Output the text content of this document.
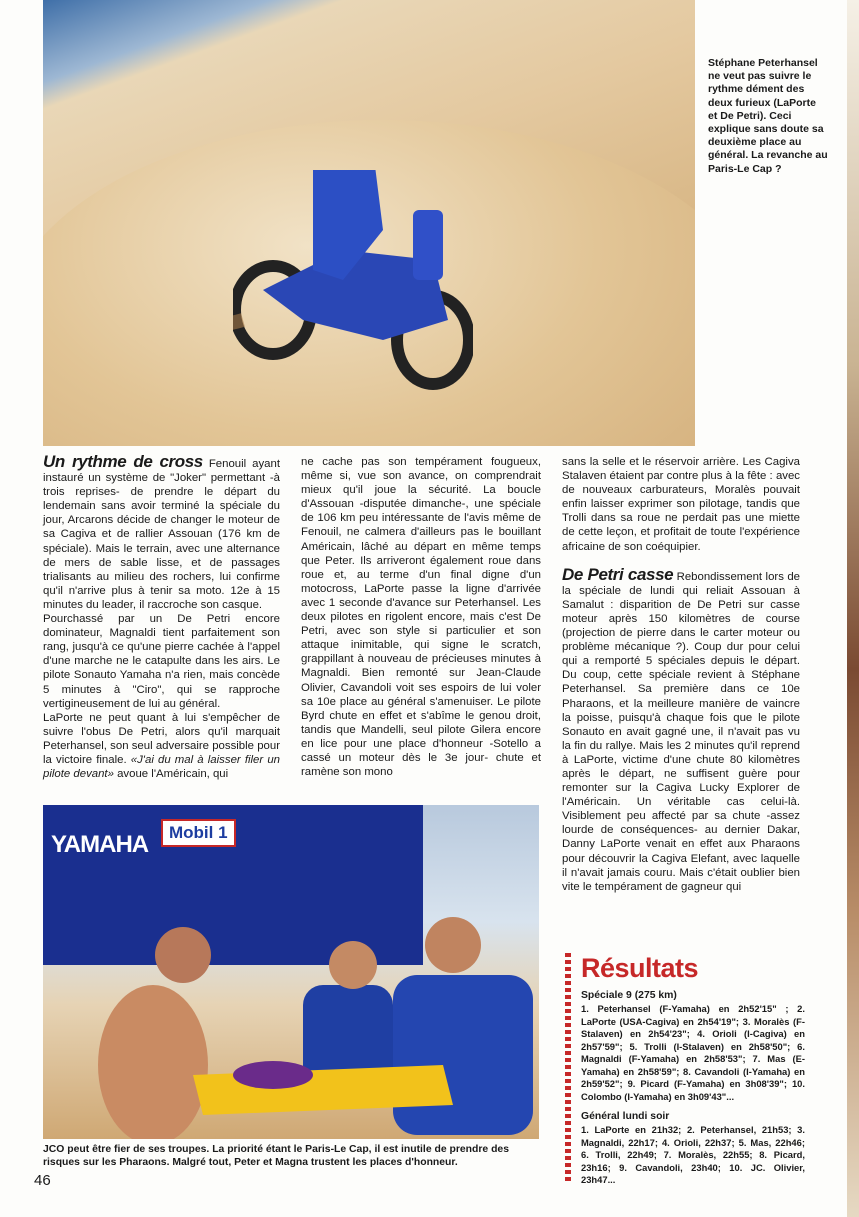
Stéphane Peterhansel ne veut pas suivre le rythme dément des deux furieux (LaPorte et De Petri). Ceci explique sans doute sa deuxième place au général. La revanche au Paris-Le Cap ?

Un rythme de cross Fenouil ayant instauré un système de "Joker" permettant -à trois reprises- de prendre le départ du lendemain sans avoir terminé la spéciale du jour, Arcarons décide de changer le moteur de sa Cagiva et de rallier Assouan (176 km de spéciale). Mais le terrain, avec une alternance de mers de sable lisse, et de passages trialisants au milieu des rochers, lui confirme qu'il n'arrive plus à tenir sa moto. 12e à 15 minutes du leader, il raccroche son casque.

Pourchassé par un De Petri encore dominateur, Magnaldi tient parfaitement son rang, jusqu'à ce qu'une pierre cachée à l'appel d'une marche ne le catapulte dans les airs. Le pilote Sonauto Yamaha n'a rien, mais concède 5 minutes à "Ciro", qui se rapproche vertigineusement de lui au général.

LaPorte ne peut quant à lui s'empêcher de suivre l'obus De Petri, alors qu'il marquait Peterhansel, son seul adversaire possible pour la victoire finale. «J'ai du mal à laisser filer un pilote devant» avoue l'Américain, qui

ne cache pas son tempérament fougueux, même si, vue son avance, on comprendrait mieux qu'il joue la sécurité. La boucle d'Assouan -disputée dimanche-, une spéciale de 106 km peu intéressante de l'avis même de Fenouil, ne calmera d'ailleurs pas le bouillant Américain, lâché au départ en même temps que Peter. Ils arriveront également roue dans roue et, au terme d'un final digne d'un motocross, LaPorte passe la ligne d'arrivée avec 1 seconde d'avance sur Peterhansel. Les deux pilotes en rigolent encore, mais c'est De Petri, avec son style si particulier et son attaque inimitable, qui signe le scratch, grappillant à nouveau de précieuses minutes à Magnaldi. Bien remonté sur Jean-Claude Olivier, Cavandoli voit ses espoirs de lui voler sa 10e place au général s'amenuiser. Le pilote Byrd chute en effet et s'abîme le genou droit, tandis que Mandelli, seul pilote Gilera encore en lice pour une place d'honneur -Sotello a cassé un moteur dès le 3e jour- chute et ramène son mono

sans la selle et le réservoir arrière. Les Cagiva Stalaven étaient par contre plus à la fête : avec de nouveaux carburateurs, Moralès pouvait enfin laisser exprimer son pilotage, tandis que Trolli dans sa roue ne perdait pas une miette de cette leçon, et profitait de toute l'expérience africaine de son coéquipier.

De Petri casse Rebondissement lors de la spéciale de lundi qui reliait Assouan à Samalut : disparition de De Petri sur casse moteur après 150 kilomètres de course (projection de pierre dans le carter moteur ou problème mécanique ?). Coup dur pour celui qui a remporté 5 spéciales depuis le départ. Du coup, cette spéciale revient à Stéphane Peterhansel. Sa première dans ce 10e Pharaons, et la meilleure manière de vaincre la poisse, puisqu'à chaque fois que le pilote Sonauto en avait gagné une, il n'avait pas vu la fin du rallye. Mais les 2 minutes qu'il reprend à LaPorte, victime d'une chute 80 kilomètres après le départ, ne suffisent guère pour remonter sur la Cagiva Lucky Explorer de l'Américain. Un véritable cas celui-là. Visiblement peu affecté par sa chute -assez lourde de conséquences- au dernier Dakar, Danny LaPorte venait en effet aux Pharaons pour découvrir la Cagiva Elefant, avec laquelle il n'avait jamais couru. Mais c'était oublier bien vite le tempérament de gagneur qui

YAMAHA	Mobil 1
JCO peut être fier de ses troupes. La priorité étant le Paris-Le Cap, il est inutile de prendre des risques sur les Pharaons. Malgré tout, Peter et Magna trustent les places d'honneur.
46
Résultats
Spéciale 9 (275 km)
1. Peterhansel (F-Yamaha) en 2h52'15" ; 2. LaPorte (USA-Cagiva) en 2h54'19"; 3. Moralès (F-Stalaven) en 2h54'23"; 4. Orioli (I-Cagiva) en 2h57'59"; 5. Trolli (I-Stalaven) en 2h58'50"; 6. Magnaldi (F-Yamaha) en 2h58'53"; 7. Mas (E-Yamaha) en 2h58'59"; 8. Cavandoli (I-Yamaha) en 2h59'52"; 9. Picard (F-Yamaha) en 3h08'39"; 10. Colombo (I-Yamaha) en 3h09'43"...
Général lundi soir
1. LaPorte en 21h32; 2. Peterhansel, 21h53; 3. Magnaldi, 22h17; 4. Orioli, 22h37; 5. Mas, 22h46; 6. Trolli, 22h49; 7. Moralès, 22h55; 8. Picard, 23h16; 9. Cavandoli, 23h40; 10. JC. Olivier, 23h47...
